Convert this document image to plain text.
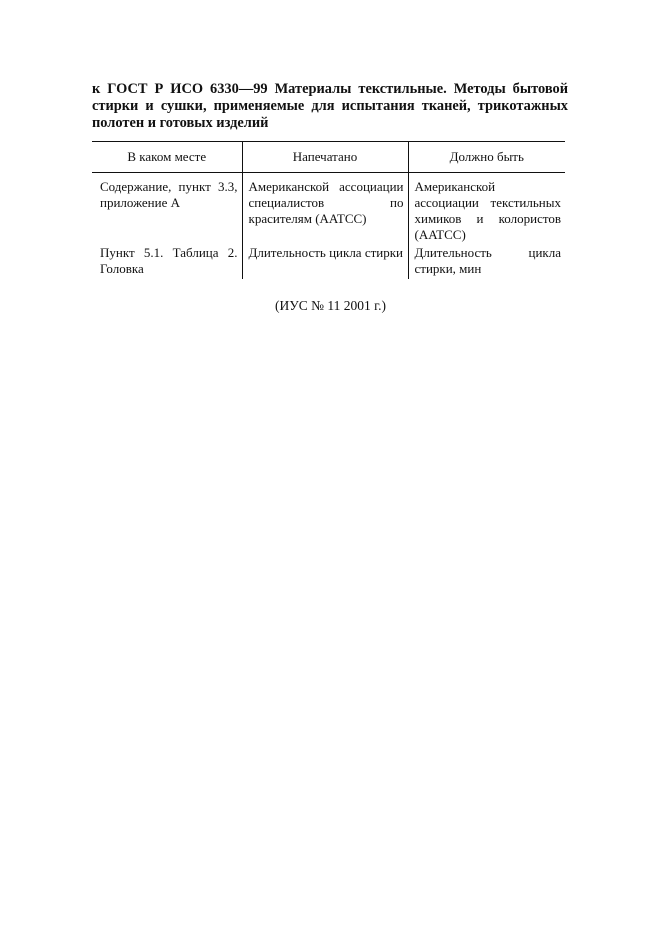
к ГОСТ Р ИСО 6330—99 Материалы текстильные. Методы бытовой стирки и сушки, применяемые для испытания тканей, трикотажных полотен и готовых изделий

В каком месте	Напечатано	Должно быть
Содержание, пункт 3.3, приложение А	Американской ассоциации специалистов по красителям (AATCC)	Американской ассоциации текстильных химиков и колористов (AATCC)
Пункт 5.1. Таблица 2. Головка	Длительность цикла стирки	Длительность цикла стирки, мин

(ИУС № 11 2001 г.)
